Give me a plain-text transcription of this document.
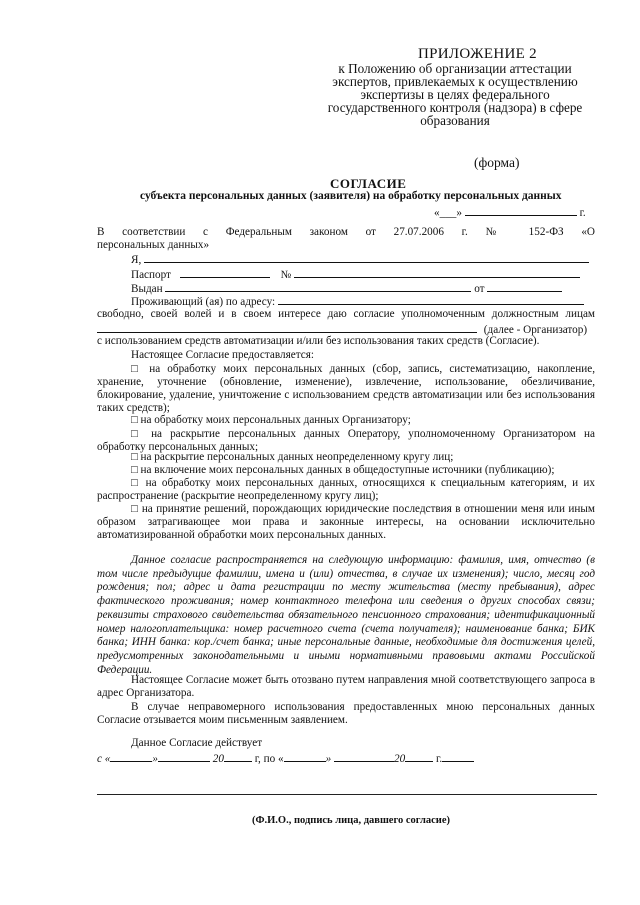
ПРИЛОЖЕНИЕ 2
к Положению об организации аттестации экспертов, привлекаемых к осуществлению экспертизы в целях федерального государственного контроля (надзора) в сфере образования
(форма)
СОГЛАСИЕ
субъекта персональных данных (заявителя) на обработку персональных данных
«___»	г.
В соответствии с Федеральным законом от 27.07.2006 г. № 152-ФЗ «О
персональных данных»
Я,
Паспорт	№
Выдан	от
Проживающий (ая) по адресу:
свободно, своей волей и в своем интересе даю согласие уполномоченным должностным лицам
(далее - Организатор)
с использованием средств автоматизации и/или без использования таких средств (Согласие).
Настоящее Согласие предоставляется:
□ на обработку моих персональных данных (сбор, запись, систематизацию, накопление, хранение, уточнение (обновление, изменение), извлечение, использование, обезличивание, блокирование, удаление, уничтожение с использованием средств автоматизации или без использования таких средств);
□ на обработку моих персональных данных Организатору;
□ на раскрытие персональных данных Оператору, уполномоченному Организатором на обработку персональных данных;
□ на раскрытие персональных данных неопределенному кругу лиц;
□ на включение моих персональных данных в общедоступные источники (публикацию);
□ на обработку моих персональных данных, относящихся к специальным категориям, и их распространение (раскрытие неопределенному кругу лиц);
□ на принятие решений, порождающих юридические последствия в отношении меня или иным образом затрагивающее мои права и законные интересы, на основании исключительно автоматизированной обработки моих персональных данных.
Данное согласие распространяется на следующую информацию: фамилия, имя, отчество (в том числе предыдущие фамилии, имена и (или) отчества, в случае их изменения); число, месяц год рождения; пол; адрес и дата регистрации по месту жительства (месту пребывания), адрес фактического проживания; номер контактного телефона или сведения о других способах связи; реквизиты страхового свидетельства обязательного пенсионного страхования; идентификационный номер налогоплательщика: номер расчетного счета (счета получателя); наименование банка; БИК банка; ИНН банка: кор./счет банка; иные персональные данные, необходимые для достижения целей, предусмотренных законодательными и иными нормативными правовыми актами Российской Федерации.
Настоящее Согласие может быть отозвано путем направления мной соответствующего запроса в адрес Организатора.
В случае неправомерного использования предоставленных мною персональных данных Согласие отзывается моим письменным заявлением.
Данное Согласие действует
с «	»	20	г, по «	»	20	г.
(Ф.И.О., подпись лица, давшего согласие)
